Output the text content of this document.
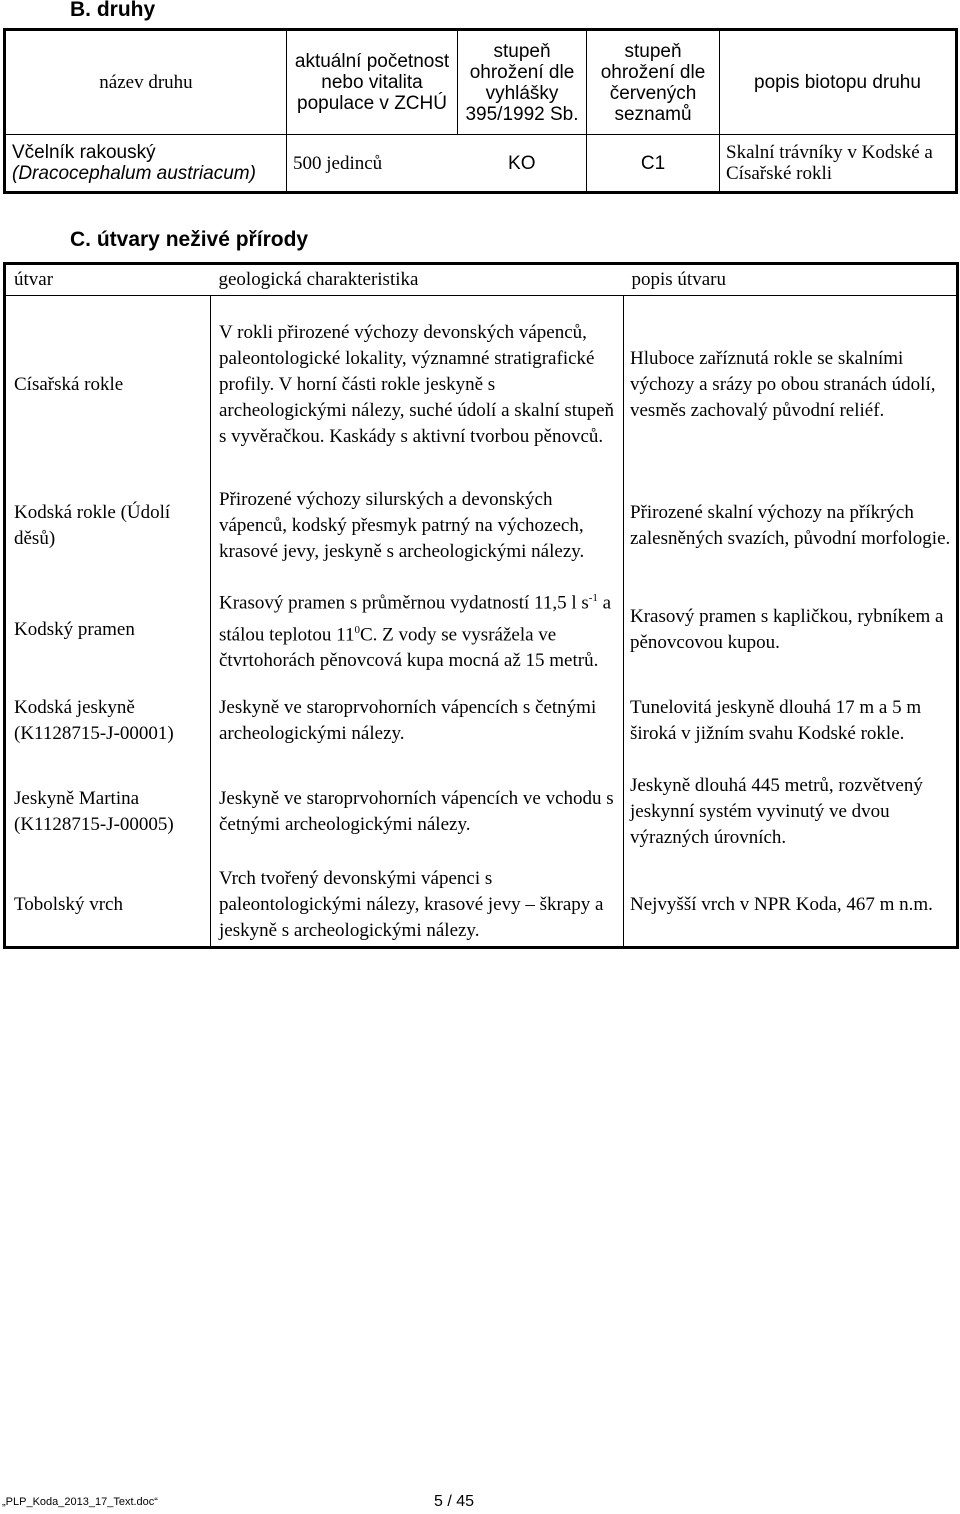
B. druhy
název druhu	aktuální početnost nebo vitalita populace v ZCHÚ	stupeň ohrožení dle vyhlášky 395/1992 Sb.	stupeň ohrožení dle červených seznamů	popis biotopu druhu

Včelník rakouský
(Dracocephalum austriacum)	500 jedinců	KO	C1	Skalní trávníky v Kodské a Císařské rokli
C. útvary neživé přírody
útvar	geologická charakteristika	popis útvaru
Císařská rokle	V rokli přirozené výchozy devonských vápenců, paleontologické lokality, významné stratigrafické profily. V horní části rokle jeskyně s archeologickými nálezy, suché údolí a skalní stupeň s vyvěračkou. Kaskády s aktivní tvorbou pěnovců.	Hluboce zaříznutá rokle se skalními výchozy a srázy po obou stranách údolí, vesměs zachovalý původní reliéf.
Kodská rokle (Údolí děsů)	Přirozené výchozy silurských a devonských vápenců, kodský přesmyk patrný na výchozech, krasové jevy, jeskyně s archeologickými nálezy.	Přirozené skalní výchozy na příkrých zalesněných svazích, původní morfologie.
Kodský pramen	Krasový pramen s průměrnou vydatností 11,5 l $s^{-1}$ a stálou teplotou $11^0C$. Z vody se vysrážela ve čtvrtohorách pěnovcová kupa mocná až 15 metrů.	Krasový pramen s kapličkou, rybníkem a pěnovcovou kupou.
Kodská jeskyně (K1128715-J-00001)	Jeskyně ve staroprvohorních vápencích s četnými archeologickými nálezy.	Tunelovitá jeskyně dlouhá 17 m a 5 m široká v jižním svahu Kodské rokle.
Jeskyně Martina (K1128715-J-00005)	Jeskyně ve staroprvohorních vápencích ve vchodu s četnými archeologickými nálezy.	Jeskyně dlouhá 445 metrů, rozvětvený jeskynní systém vyvinutý ve dvou výrazných úrovních.
Tobolský vrch	Vrch tvořený devonskými vápenci s paleontologickými nálezy, krasové jevy – škrapy a jeskyně s archeologickými nálezy.	Nejvyšší vrch v NPR Koda, 467 m n.m.
„PLP_Koda_2013_17_Text.doc“	5 / 45
